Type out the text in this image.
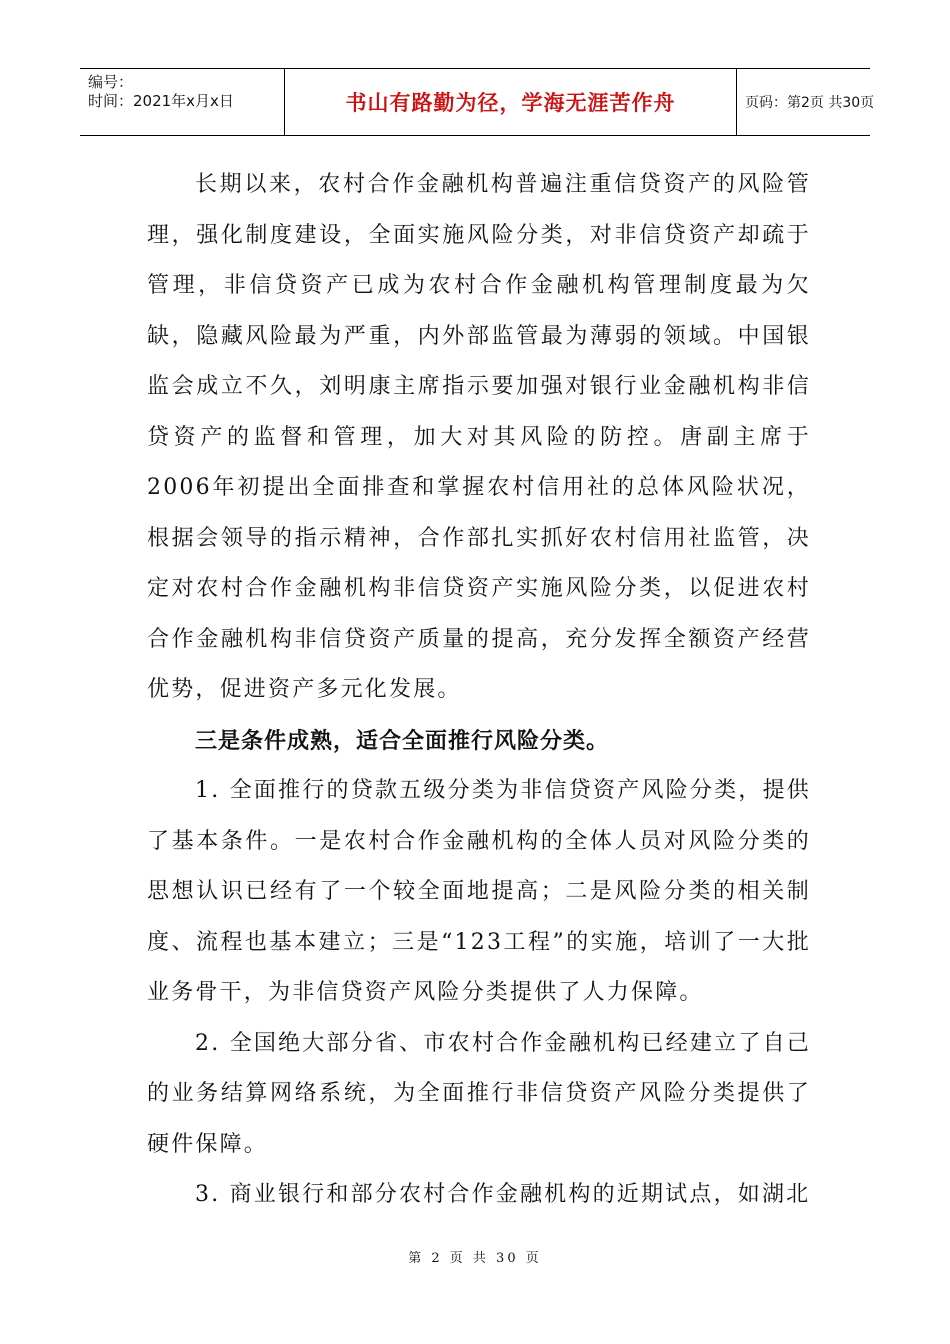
编号：
时间：2021年x月x日	书山有路勤为径，学海无涯苦作舟	页码：第2页 共30页

长期以来，农村合作金融机构普遍注重信贷资产的风险管理，强化制度建设，全面实施风险分类，对非信贷资产却疏于管理，非信贷资产已成为农村合作金融机构管理制度最为欠缺，隐藏风险最为严重，内外部监管最为薄弱的领域。中国银监会成立不久，刘明康主席指示要加强对银行业金融机构非信贷资产的监督和管理，加大对其风险的防控。唐副主席于2006年初提出全面排查和掌握农村信用社的总体风险状况，根据会领导的指示精神，合作部扎实抓好农村信用社监管，决定对农村合作金融机构非信贷资产实施风险分类，以促进农村合作金融机构非信贷资产质量的提高，充分发挥全额资产经营优势，促进资产多元化发展。

三是条件成熟，适合全面推行风险分类。

1. 全面推行的贷款五级分类为非信贷资产风险分类，提供了基本条件。一是农村合作金融机构的全体人员对风险分类的思想认识已经有了一个较全面地提高；二是风险分类的相关制度、流程也基本建立；三是“123工程”的实施，培训了一大批业务骨干，为非信贷资产风险分类提供了人力保障。

2. 全国绝大部分省、市农村合作金融机构已经建立了自己的业务结算网络系统，为全面推行非信贷资产风险分类提供了硬件保障。

3. 商业银行和部分农村合作金融机构的近期试点，如湖北

第 2 页 共 30 页
